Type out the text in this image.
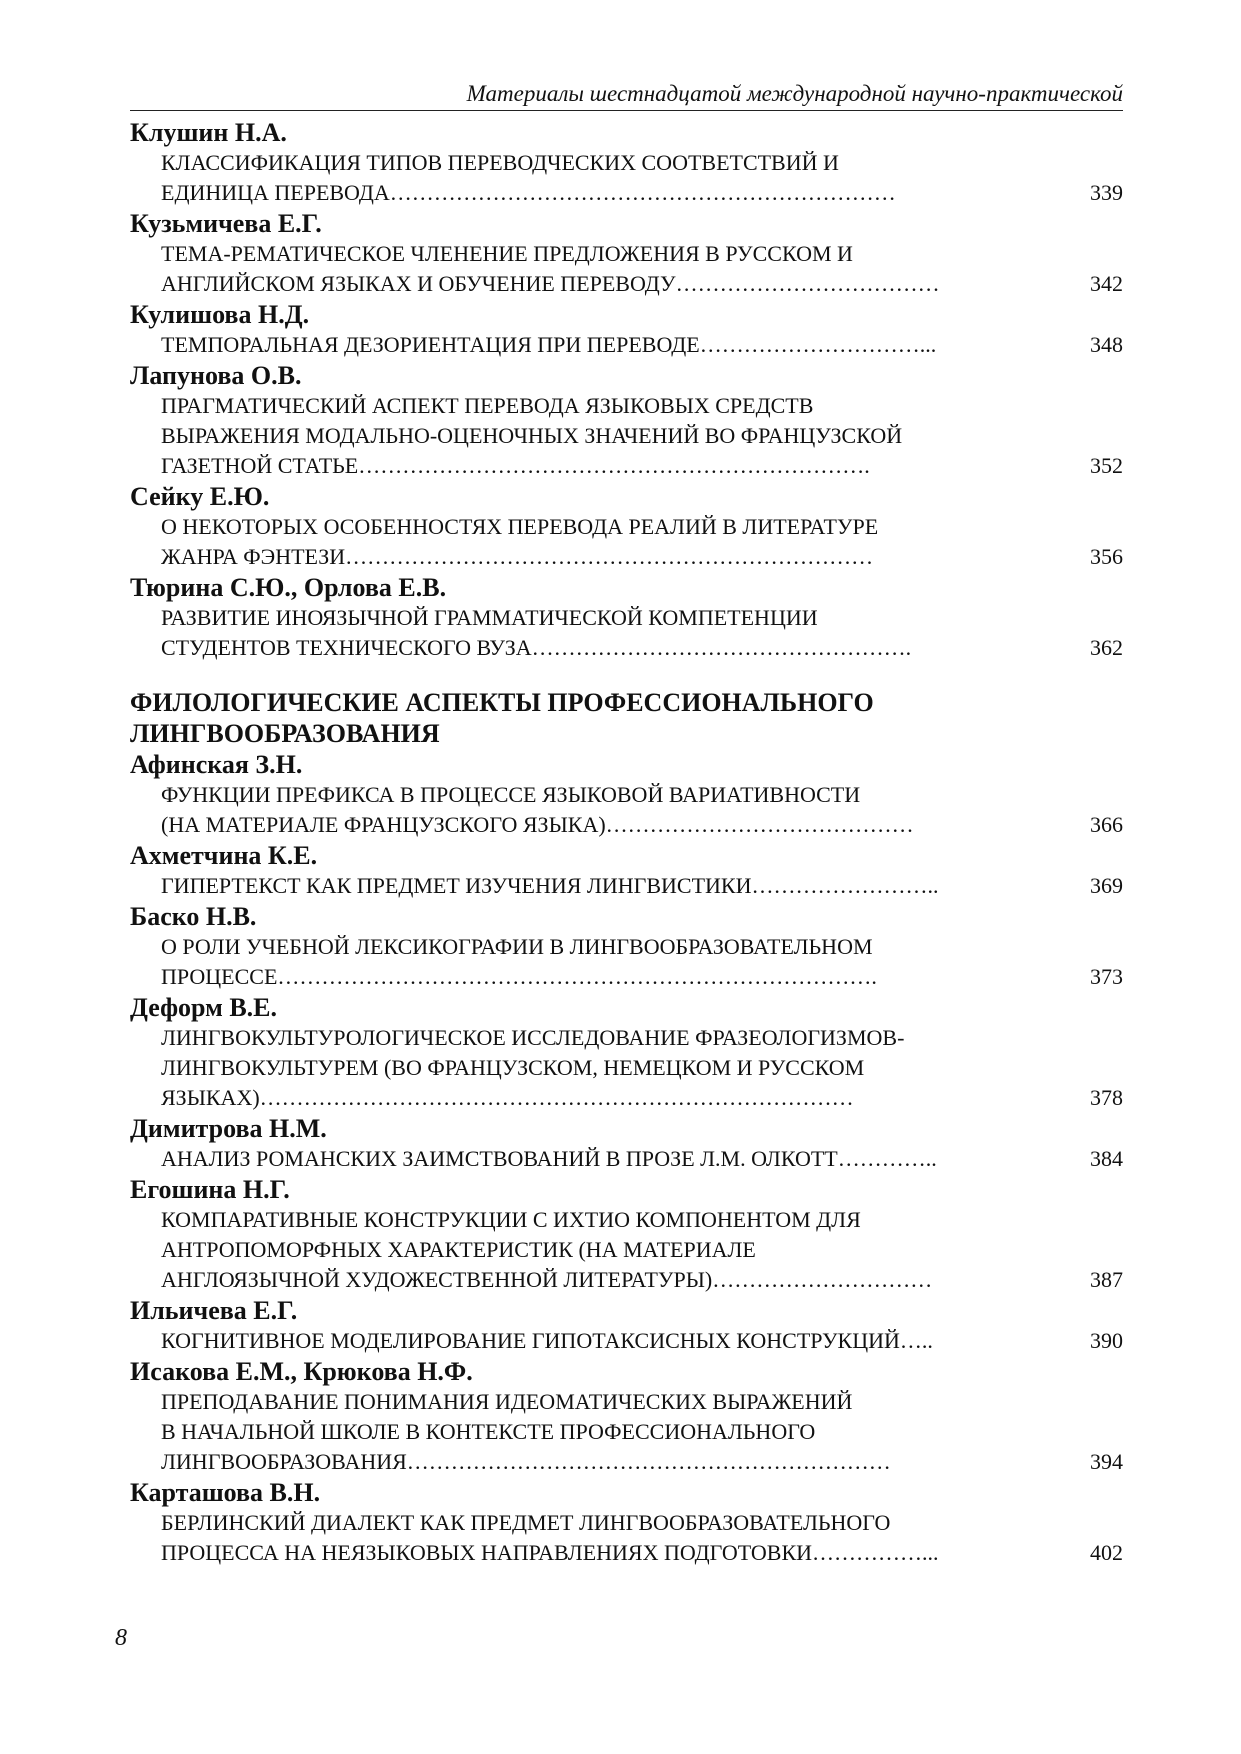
Материалы шестнадцатой международной научно-практической
Клушин Н.А.
КЛАССИФИКАЦИЯ ТИПОВ ПЕРЕВОДЧЕСКИХ СООТВЕТСТВИЙ И
ЕДИНИЦА ПЕРЕВОДА……………………………………………………………	339
Кузьмичева Е.Г.
ТЕМА-РЕМАТИЧЕСКОЕ ЧЛЕНЕНИЕ ПРЕДЛОЖЕНИЯ В РУССКОМ И
АНГЛИЙСКОМ ЯЗЫКАХ И ОБУЧЕНИЕ ПЕРЕВОДУ………………………………	342
Кулишова Н.Д.
ТЕМПОРАЛЬНАЯ ДЕЗОРИЕНТАЦИЯ ПРИ ПЕРЕВОДЕ…………………………...	348
Лапунова О.В.
ПРАГМАТИЧЕСКИЙ АСПЕКТ ПЕРЕВОДА ЯЗЫКОВЫХ СРЕДСТВ
ВЫРАЖЕНИЯ МОДАЛЬНО-ОЦЕНОЧНЫХ ЗНАЧЕНИЙ ВО ФРАНЦУЗСКОЙ
ГАЗЕТНОЙ СТАТЬЕ…………………………………………………………….	352
Сейку Е.Ю.
О НЕКОТОРЫХ ОСОБЕННОСТЯХ ПЕРЕВОДА РЕАЛИЙ В ЛИТЕРАТУРЕ
ЖАНРА ФЭНТЕЗИ………………………………………………………………	356
Тюрина С.Ю., Орлова Е.В.
РАЗВИТИЕ ИНОЯЗЫЧНОЙ ГРАММАТИЧЕСКОЙ КОМПЕТЕНЦИИ
СТУДЕНТОВ ТЕХНИЧЕСКОГО ВУЗА…………………………………………….	362
ФИЛОЛОГИЧЕСКИЕ АСПЕКТЫ ПРОФЕССИОНАЛЬНОГО
ЛИНГВООБРАЗОВАНИЯ
Афинская З.Н.
ФУНКЦИИ ПРЕФИКСА В ПРОЦЕССЕ ЯЗЫКОВОЙ ВАРИАТИВНОСТИ
(НА МАТЕРИАЛЕ ФРАНЦУЗСКОГО ЯЗЫКА)……………………………………	366
Ахметчина К.Е.
ГИПЕРТЕКСТ КАК ПРЕДМЕТ ИЗУЧЕНИЯ ЛИНГВИСТИКИ……………………..	369
Баско Н.В.
О РОЛИ УЧЕБНОЙ ЛЕКСИКОГРАФИИ В ЛИНГВООБРАЗОВАТЕЛЬНОМ
ПРОЦЕССЕ……………………………………………………………………….	373
Деформ В.Е.
ЛИНГВОКУЛЬТУРОЛОГИЧЕСКОЕ ИССЛЕДОВАНИЕ ФРАЗЕОЛОГИЗМОВ-
ЛИНГВОКУЛЬТУРЕМ (ВО ФРАНЦУЗСКОМ, НЕМЕЦКОМ И РУССКОМ
ЯЗЫКАХ)………………………………………………………………………	378
Димитрова Н.М.
АНАЛИЗ РОМАНСКИХ ЗАИМСТВОВАНИЙ В ПРОЗЕ Л.М. ОЛКОТТ…………..	384
Егошина Н.Г.
КОМПАРАТИВНЫЕ КОНСТРУКЦИИ С ИХТИО КОМПОНЕНТОМ ДЛЯ
АНТРОПОМОРФНЫХ ХАРАКТЕРИСТИК (НА МАТЕРИАЛЕ
АНГЛОЯЗЫЧНОЙ ХУДОЖЕСТВЕННОЙ ЛИТЕРАТУРЫ)…………………………	387
Ильичева Е.Г.
КОГНИТИВНОЕ МОДЕЛИРОВАНИЕ ГИПОТАКСИСНЫХ КОНСТРУКЦИЙ…..	390
Исакова Е.М., Крюкова Н.Ф.
ПРЕПОДАВАНИЕ ПОНИМАНИЯ ИДЕОМАТИЧЕСКИХ ВЫРАЖЕНИЙ
В НАЧАЛЬНОЙ ШКОЛЕ В КОНТЕКСТЕ ПРОФЕССИОНАЛЬНОГО
ЛИНГВООБРАЗОВАНИЯ…………………………………………………………	394
Карташова В.Н.
БЕРЛИНСКИЙ ДИАЛЕКТ КАК ПРЕДМЕТ ЛИНГВООБРАЗОВАТЕЛЬНОГО
ПРОЦЕССА НА НЕЯЗЫКОВЫХ НАПРАВЛЕНИЯХ ПОДГОТОВКИ……………...	402
8
